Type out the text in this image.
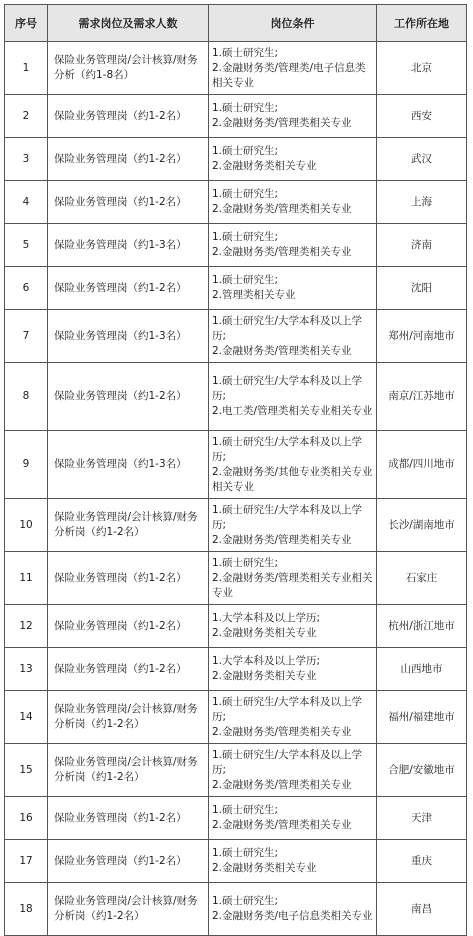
序号	需求岗位及需求人数	岗位条件	工作所在地
1	保险业务管理岗/会计核算/财务分析（约1-8名）	1.硕士研究生;
2.金融财务类/管理类/电子信息类相关专业	北京
2	保险业务管理岗（约1-2名）	1.硕士研究生;
2.金融财务类/管理类相关专业	西安
3	保险业务管理岗（约1-2名）	1.硕士研究生;
2.金融财务类相关专业	武汉
4	保险业务管理岗（约1-2名）	1.硕士研究生;
2.金融财务类/管理类相关专业	上海
5	保险业务管理岗（约1-3名）	1.硕士研究生;
2.金融财务类/管理类相关专业	济南
6	保险业务管理岗（约1-2名）	1.硕士研究生;
2.管理类相关专业	沈阳
7	保险业务管理岗（约1-3名）	1.硕士研究生/大学本科及以上学历;
2.金融财务类/管理类相关专业	郑州/河南地市
8	保险业务管理岗（约1-2名）	1.硕士研究生/大学本科及以上学历;
2.电工类/管理类相关专业相关专业	南京/江苏地市
9	保险业务管理岗（约1-3名）	1.硕士研究生/大学本科及以上学历;
2.金融财务类/其他专业类相关专业相关专业	成都/四川地市
10	保险业务管理岗/会计核算/财务分析岗（约1-2名）	1.硕士研究生/大学本科及以上学历;
2.金融财务类/管理类相关专业	长沙/湖南地市
11	保险业务管理岗（约1-2名）	1.硕士研究生;
2.金融财务类/管理类相关专业相关专业	石家庄
12	保险业务管理岗（约1-2名）	1.大学本科及以上学历;
2.金融财务类相关专业	杭州/浙江地市
13	保险业务管理岗（约1-2名）	1.大学本科及以上学历;
2.金融财务类相关专业	山西地市
14	保险业务管理岗/会计核算/财务分析岗（约1-2名）	1.硕士研究生/大学本科及以上学历;
2.金融财务类/管理类相关专业	福州/福建地市
15	保险业务管理岗/会计核算/财务分析岗（约1-2名）	1.硕士研究生/大学本科及以上学历;
2.金融财务类/管理类相关专业	合肥/安徽地市
16	保险业务管理岗（约1-2名）	1.硕士研究生;
2.金融财务类/管理类相关专业	天津
17	保险业务管理岗（约1-2名）	1.硕士研究生;
2.金融财务类相关专业	重庆
18	保险业务管理岗/会计核算/财务分析岗（约1-2名）	1.硕士研究生;
2.金融财务类/电子信息类相关专业	南昌
